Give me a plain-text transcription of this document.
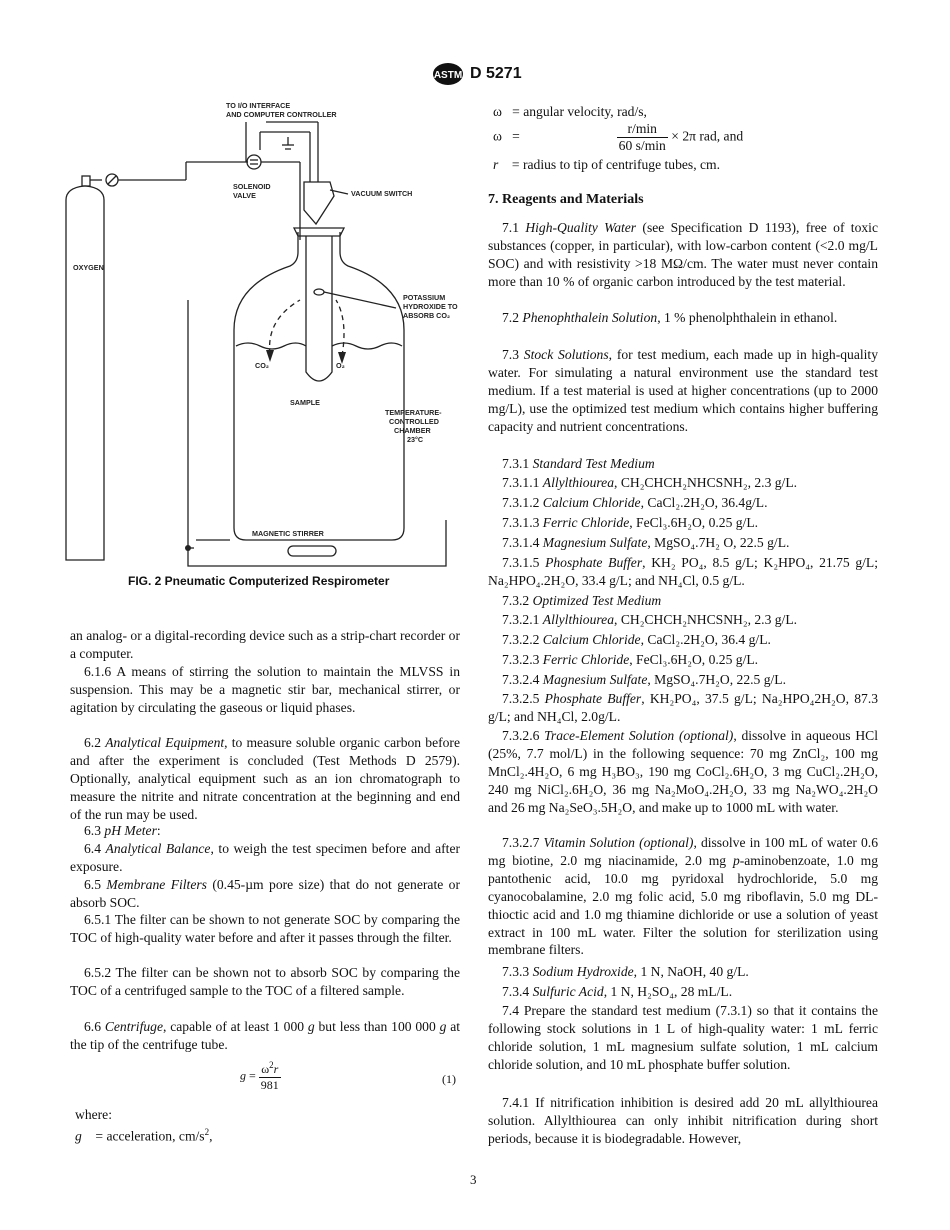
ASTM D 5271
TO I/O INTERFACE
AND COMPUTER CONTROLLER
OXYGEN
SOLENOID
VALVE	VACUUM SWITCH
POTASSIUM
HYDROXIDE TO
ABSORB CO₂
CO₂	O₂
SAMPLE
TEMPERATURE-
CONTROLLED
CHAMBER
23°C
MAGNETIC STIRRER
FIG. 2 Pneumatic Computerized Respirometer
an analog- or a digital-recording device such as a strip-chart recorder or a computer.
6.1.6 A means of stirring the solution to maintain the MLVSS in suspension. This may be a magnetic stir bar, mechanical stirrer, or agitation by circulating the gaseous or liquid phases.
6.2 Analytical Equipment, to measure soluble organic carbon before and after the experiment is concluded (Test Methods D 2579). Optionally, analytical equipment such as an ion chromatograph to measure the nitrite and nitrate concentration at the beginning and end of the run may be used.
6.3 pH Meter:
6.4 Analytical Balance, to weigh the test specimen before and after exposure.
6.5 Membrane Filters (0.45-µm pore size) that do not generate or absorb SOC.
6.5.1 The filter can be shown to not generate SOC by comparing the TOC of high-quality water before and after it passes through the filter.
6.5.2 The filter can be shown not to absorb SOC by comparing the TOC of a centrifuged sample to the TOC of a filtered sample.
6.6 Centrifuge, capable of at least 1 000 g but less than 100 000 g at the tip of the centrifuge tube.
$g = \frac{\omega^2r}{981}$	(1)
where:
g = acceleration, $cm/s^2$,
ω = angular velocity, rad/s,
ω =	$\frac{r/\min}{60 s/\min} \times 2\pi$ rad, and
r = radius to tip of centrifuge tubes, cm.
7. Reagents and Materials
7.1 High-Quality Water (see Specification D 1193), free of toxic substances (copper, in particular), with low-carbon content (<2.0 mg/L SOC) and with resistivity >18 MΩ/cm. The water must never contain more than 10 % of organic carbon introduced by the test material.
7.2 Phenophthalein Solution, 1 % phenolphthalein in ethanol.
7.3 Stock Solutions, for test medium, each made up in high-quality water. For simulating a natural environment use the standard test medium. If a test material is used at higher concentrations (up to 2000 mg/L), use the optimized test medium which contains higher buffering capacity and nutrient concentrations.
7.3.1 Standard Test Medium
7.3.1.1 Allylthiourea, CH₂CHCH₂NHCSNH₂, 2.3 g/L.
7.3.1.2 Calcium Chloride, CaCl₂.2H₂O, 36.4g/L.
7.3.1.3 Ferric Chloride, FeCl₃.6H₂O, 0.25 g/L.
7.3.1.4 Magnesium Sulfate, MgSO₄.7H₂ O, 22.5 g/L.
7.3.1.5 Phosphate Buffer, KH₂ PO₄, 8.5 g/L; K₂HPO₄, 21.75 g/L; Na₂HPO₄.2H₂O, 33.4 g/L; and NH₄Cl, 0.5 g/L.
7.3.2 Optimized Test Medium
7.3.2.1 Allylthiourea, CH₂CHCH₂NHCSNH₂, 2.3 g/L.
7.3.2.2 Calcium Chloride, CaCl₂.2H₂O, 36.4 g/L.
7.3.2.3 Ferric Chloride, FeCl₃.6H₂O, 0.25 g/L.
7.3.2.4 Magnesium Sulfate, MgSO₄.7H₂O, 22.5 g/L.
7.3.2.5 Phosphate Buffer, KH₂PO₄, 37.5 g/L; Na₂HPO₄2H₂O, 87.3 g/L; and NH₄Cl, 2.0g/L.
7.3.2.6 Trace-Element Solution (optional), dissolve in aqueous HCl (25%, 7.7 mol/L) in the following sequence: 70 mg ZnCl₂, 100 mg MnCl₂.4H₂O, 6 mg H₃BO₃, 190 mg CoCl₂.6H₂O, 3 mg CuCl₂.2H₂O, 240 mg NiCl₂.6H₂O, 36 mg Na₂MoO₄.2H₂O, 33 mg Na₂WO₄.2H₂O and 26 mg Na₂SeO₃.5H₂O, and make up to 1000 mL with water.
7.3.2.7 Vitamin Solution (optional), dissolve in 100 mL of water 0.6 mg biotine, 2.0 mg niacinamide, 2.0 mg p-aminobenzoate, 1.0 mg pantothenic acid, 10.0 mg pyridoxal hydrochloride, 5.0 mg cyanocobalamine, 2.0 mg folic acid, 5.0 mg riboflavin, 5.0 mg DL-thioctic acid and 1.0 mg thiamine dichloride or use a solution of yeast extract in 100 mL water. Filter the solution for sterilization using membrane filters.
7.3.3 Sodium Hydroxide, 1 N, NaOH, 40 g/L.
7.3.4 Sulfuric Acid, 1 N, H₂SO₄, 28 mL/L.
7.4 Prepare the standard test medium (7.3.1) so that it contains the following stock solutions in 1 L of high-quality water: 1 mL ferric chloride solution, 1 mL magnesium sulfate solution, 1 mL calcium chloride solution, and 10 mL phosphate buffer solution.
7.4.1 If nitrification inhibition is desired add 20 mL allylthiourea solution. Allylthiourea can only inhibit nitrification during short periods, because it is biodegradable. However,
3
